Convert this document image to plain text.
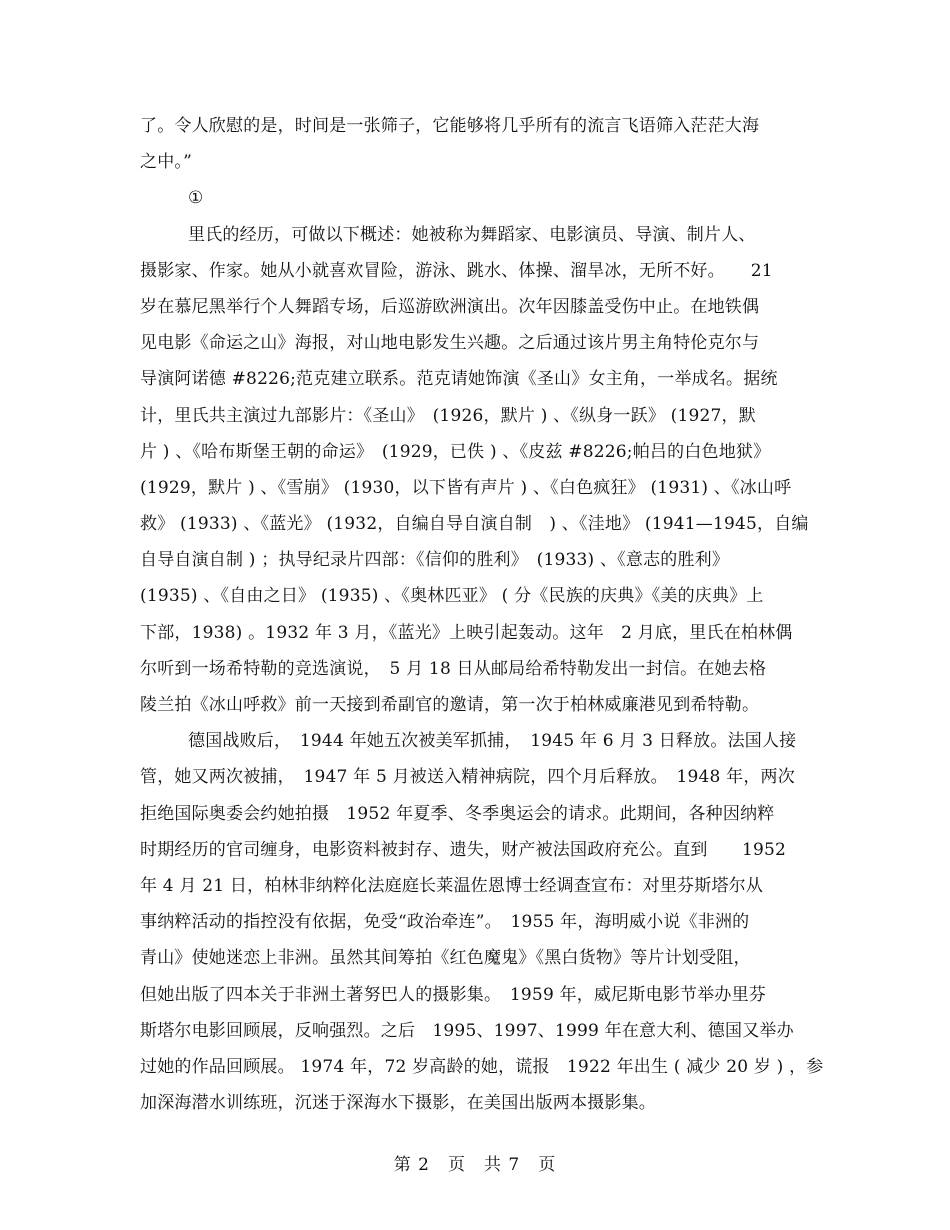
了。令人欣慰的是，时间是一张筛子，它能够将几乎所有的流言飞语筛入茫茫大海
之中。”
①
里氏的经历，可做以下概述：她被称为舞蹈家、电影演员、导演、制片人、
摄影家、作家。她从小就喜欢冒险，游泳、跳水、体操、溜旱冰，无所不好。　　21
岁在慕尼黑举行个人舞蹈专场，后巡游欧洲演出。次年因膝盖受伤中止。在地铁偶
见电影《命运之山》海报，对山地电影发生兴趣。之后通过该片男主角特伦克尔与
导演阿诺德 #8226;范克建立联系。范克请她饰演《圣山》女主角，一举成名。据统
计，里氏共主演过九部影片：《圣山》　(1926，默片 ) 、《纵身一跃》 (1927，默
片 ) 、《哈布斯堡王朝的命运》　(1929，已佚 ) 、《皮兹 #8226;帕吕的白色地狱》
(1929，默片 ) 、《雪崩》 (1930，以下皆有声片 ) 、《白色疯狂》 (1931) 、《冰山呼
救》 (1933) 、《蓝光》 (1932，自编自导自演自制　) 、《洼地》 (1941—1945，自编
自导自演自制 ) ；执导纪录片四部：《信仰的胜利》　(1933) 、《意志的胜利》
(1935) 、《自由之日》 (1935) 、《奥林匹亚》 ( 分《民族的庆典》《美的庆典》上
下部，1938) 。1932 年 3 月，《蓝光》上映引起轰动。这年　2 月底，里氏在柏林偶
尔听到一场希特勒的竞选演说，　5 月 18 日从邮局给希特勒发出一封信。在她去格
陵兰拍《冰山呼救》前一天接到希副官的邀请，第一次于柏林威廉港见到希特勒。
德国战败后，　1944 年她五次被美军抓捕，　1945 年 6 月 3 日释放。法国人接
管，她又两次被捕，　1947 年 5 月被送入精神病院，四个月后释放。　1948 年，两次
拒绝国际奥委会约她拍摄　1952 年夏季、冬季奥运会的请求。此期间，各种因纳粹
时期经历的官司缠身，电影资料被封存、遗失，财产被法国政府充公。直到　　1952
年 4 月 21 日，柏林非纳粹化法庭庭长莱温佐恩博士经调查宣布：对里芬斯塔尔从
事纳粹活动的指控没有依据，免受“政治牵连”。　1955 年，海明威小说《非洲的
青山》使她迷恋上非洲。虽然其间筹拍《红色魔鬼》《黑白货物》等片计划受阻，
但她出版了四本关于非洲土著努巴人的摄影集。　1959 年，威尼斯电影节举办里芬
斯塔尔电影回顾展，反响强烈。之后　1995、1997、1999 年在意大利、德国又举办
过她的作品回顾展。 1974 年，72 岁高龄的她，谎报　1922 年出生 ( 减少 20 岁 ) ，参
加深海潜水训练班，沉迷于深海水下摄影，在美国出版两本摄影集。
第 2　页　共 7　页
